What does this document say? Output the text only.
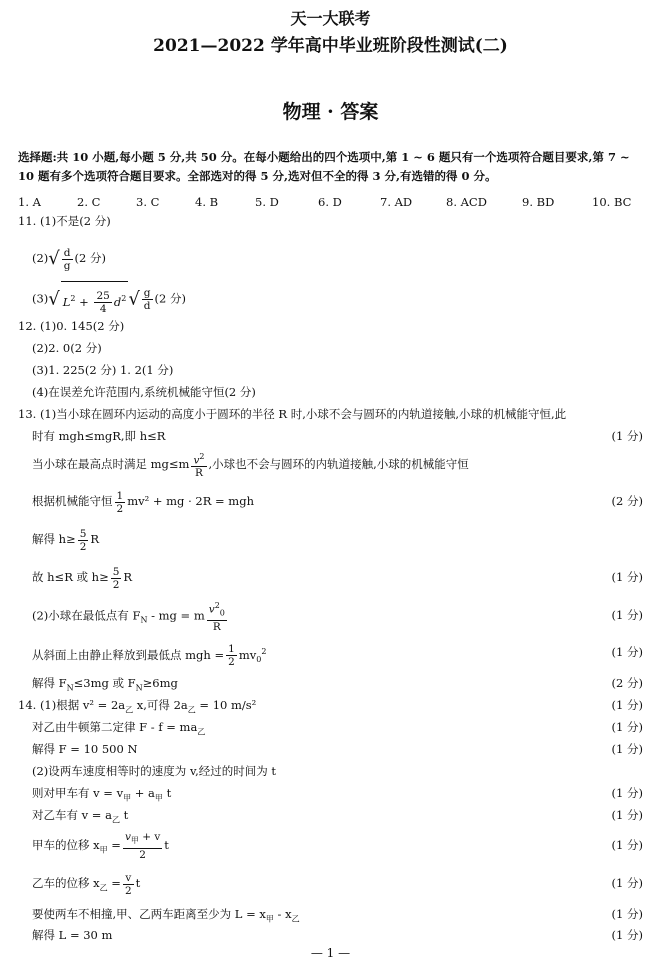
天一大联考
2021—2022 学年高中毕业班阶段性测试(二)
物理 · 答案
选择题:共 10 小题,每小题 5 分,共 50 分。在每小题给出的四个选项中,第 1 ~ 6 题只有一个选项符合题目要求,第 7 ~ 10 题有多个选项符合题目要求。全部选对的得 5 分,选对但不全的得 3 分,有选错的得 0 分。
1. A	2. C	3. C	4. B	5. D	6. D	7. AD	8. ACD	9. BD	10. BC
11. (1)不是(2 分)
$(2)√ \frac{d}{g} (2$ 分)
(3)√ $L^2 + \frac{25}{4} d^2$ √ $\frac{g}{d} (2$ 分)
12. (1)0. 145(2 分)
(2)2. 0(2 分)
(3)1. 225(2 分) 1. 2(1 分)
(4)在误差允许范围内,系统机械能守恒(2 分)
13. (1)当小球在圆环内运动的高度小于圆环的半径 R 时,小球不会与圆环的内轨道接触,小球的机械能守恒,此
时有 mgh≤mgR,即 h≤R	(1 分)
当小球在最高点时满足 $mg\le m \frac{v^2}{R}$ ,小球也不会与圆环的内轨道接触,小球的机械能守恒
根据机械能守恒 $\frac{1}{2} mv^2$ + mg · 2R = mgh	(2 分)
解得 $h\ge \frac{5}{2}$ R
故 h≤R 或 $h\ge \frac{5}{2}$ R	(1 分)
(2)小球在最低点有 $F_N$ - mg = m $\frac{v^2_0}{R}$	(1 分)
从斜面上由静止释放到最低点 mgh = $\frac{1}{2} mv_0^2$	(1 分)
解得 $F_N\le 3mg$ 或 $F_N\ge 6mg$	(2 分)
14. (1)根据 $v^2 = 2a_乙$ x,可得 $2a_乙 = 10$ m/s²	(1 分)
对乙由牛顿第二定律 $F - f = ma_乙$	(1 分)
解得 F = 10 500 N	(1 分)
(2)设两车速度相等时的速度为 v,经过的时间为 t
则对甲车有 $v = v_甲 + a_甲$ t	(1 分)
对乙车有 $v = a_乙$ t	(1 分)
甲车的位移 $x_甲 = \frac{v_甲 + v}{2}$ t	(1 分)
乙车的位移 $x_乙 = \frac{v}{2}$ t	(1 分)
要使两车不相撞,甲、乙两车距离至少为 $L = x_甲 - x_乙$	(1 分)
解得 L = 30 m	(1 分)
— 1 —
